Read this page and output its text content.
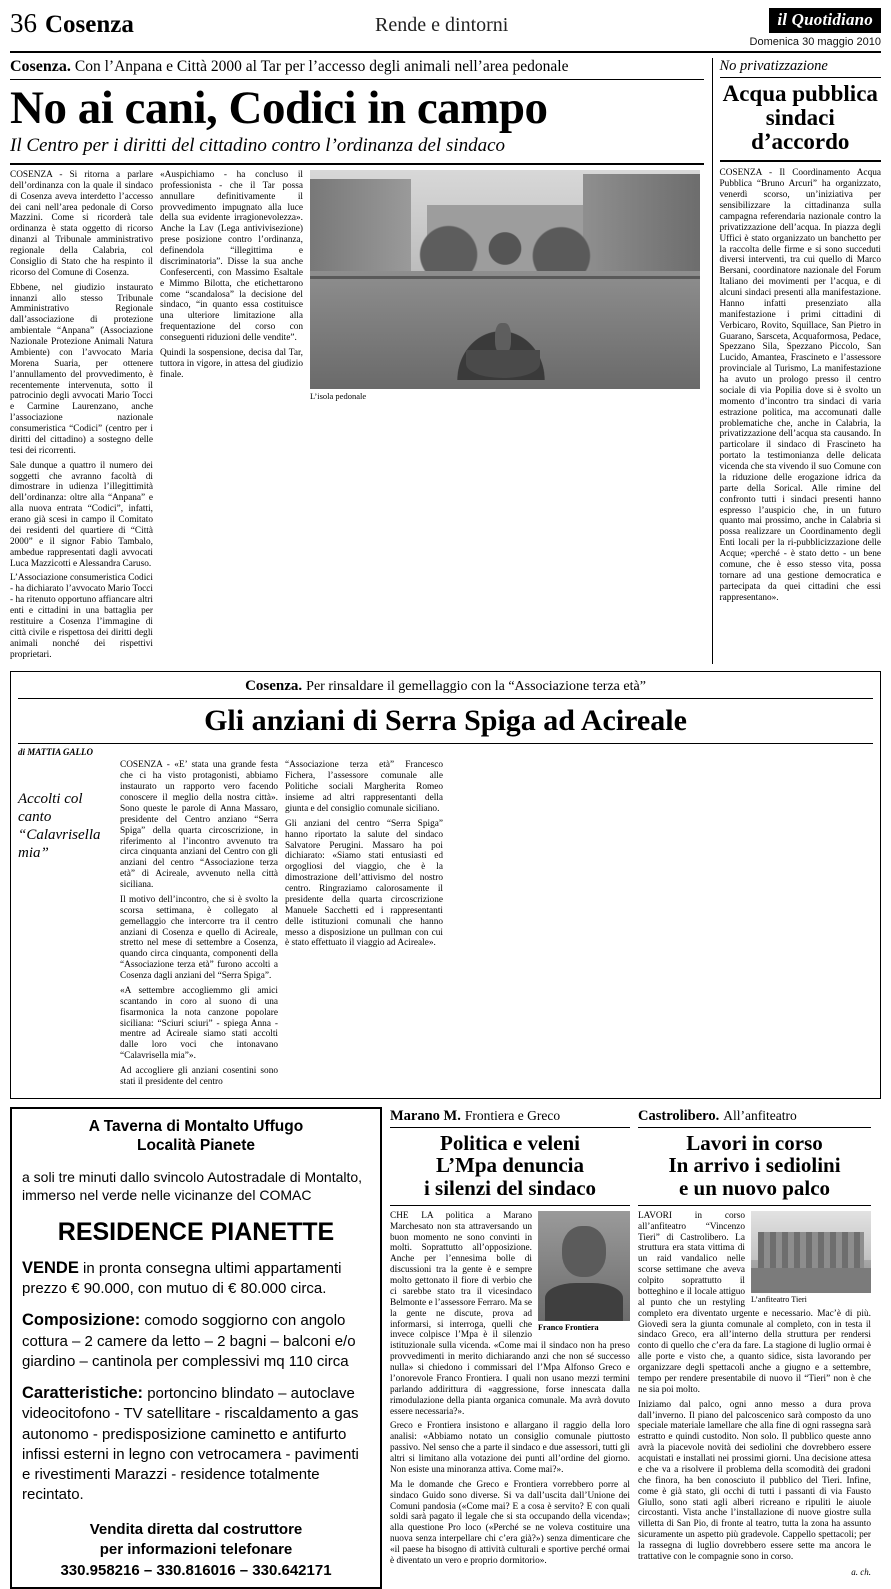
36 Cosenza	Rende e dintorni	il Quotidiano
Domenica 30 maggio 2010
Cosenza. Con l’Anpana e Città 2000 al Tar per l’accesso degli animali nell’area pedonale
No ai cani, Codici in campo
Il Centro per i diritti del cittadino contro l’ordinanza del sindaco

COSENZA - Si ritorna a parlare dell’ordinanza con la quale il sindaco di Cosenza aveva interdetto l’accesso dei cani nell’area pedonale di Corso Mazzini. Come si ricorderà tale ordinanza è stata oggetto di ricorso dinanzi al Tribunale amministrativo regionale della Calabria, col Consiglio di Stato che ha respinto il ricorso del Comune di Cosenza.

Ebbene, nel giudizio instaurato innanzi allo stesso Tribunale Amministrativo Regionale dall’associazione di protezione ambientale “Anpana” (Associazione Nazionale Protezione Animali Natura Ambiente) con l’avvocato Maria Morena Suaria, per ottenere l’annullamento del provvedimento, è recentemente intervenuta, sotto il patrocinio degli avvocati Mario Tocci e Carmine Laurenzano, anche l’associazione nazionale consumeristica “Codici” (centro per i diritti del cittadino) a sostegno delle tesi dei ricorrenti.

Sale dunque a quattro il numero dei soggetti che avranno facoltà di dimostrare in udienza l’illegittimità dell’ordinanza: oltre alla “Anpana” e alla nuova entrata “Codici”, infatti, erano già scesi in campo il Comitato dei residenti del quartiere di “Città 2000” e il signor Fabio Tambalo, ambedue rappresentati dagli avvocati Luca Mazzicotti e Alessandra Caruso.

L’Associazione consumeristica Codici - ha dichiarato l’avvocato Mario Tocci - ha ritenuto opportuno affiancare altri enti e cittadini in una battaglia per restituire a Cosenza l’immagine di città civile e rispettosa dei diritti degli animali nonché dei rispettivi proprietari.

«Auspichiamo - ha concluso il professionista - che il Tar possa annullare definitivamente il provvedimento impugnato alla luce della sua evidente irragionevolezza». Anche la Lav (Lega antivivisezione) prese posizione contro l’ordinanza, definendola “illegittima e discriminatoria”. Disse la sua anche Confesercenti, con Massimo Esaltale e Mimmo Bilotta, che etichettarono come “scandalosa” la decisione del sindaco, “in quanto essa costituisce una ulteriore limitazione alla frequentazione del corso con conseguenti riduzioni delle vendite”.

Quindi la sospensione, decisa dal Tar, tuttora in vigore, in attesa del giudizio finale.

L’isola pedonale
No privatizzazione
Acqua pubblica sindaci d’accordo

COSENZA - Il Coordinamento Acqua Pubblica “Bruno Arcuri” ha organizzato, venerdì scorso, un’iniziativa per sensibilizzare la cittadinanza sulla campagna referendaria nazionale contro la privatizzazione dell’acqua. In piazza degli Uffici è stato organizzato un banchetto per la raccolta delle firme e si sono succeduti diversi interventi, tra cui quello di Marco Bersani, coordinatore nazionale del Forum Italiano dei movimenti per l’acqua, e di alcuni sindaci presenti alla manifestazione. Hanno infatti presenziato alla manifestazione i primi cittadini di Verbicaro, Rovito, Squillace, San Pietro in Guarano, Sarsceta, Acquaformosa, Pedace, Spezzano Sila, Spezzano Piccolo, San Lucido, Amantea, Frascineto e l’assessore provinciale al Turismo, La manifestazione ha avuto un prologo presso il centro sociale di via Popilia dove si è svolto un momento d’incontro tra sindaci di varia estrazione politica, ma accomunati dalle problematiche che, anche in Calabria, la privatizzazione dell’acqua sta causando. In particolare il sindaco di Frascineto ha portato la testimonianza delle delicata vicenda che sta vivendo il suo Comune con la riduzione delle erogazione idrica da parte della Sorical. Alle rimine del confronto tutti i sindaci presenti hanno espresso l’auspicio che, in un futuro quanto mai prossimo, anche in Calabria si possa realizzare un Coordinamento degli Enti locali per la ri-pubblicizzazione delle Acque; «perché - è stato detto - un bene comune, che è esso stesso vita, possa tornare ad una gestione democratica e partecipata da quei cittadini che essi rappresentano».

Cosenza. Per rinsaldare il gemellaggio con la “Associazione terza età”
Gli anziani di Serra Spiga ad Acireale
di MATTIA GALLO
Accolti col canto “Calavrisella mia”

COSENZA - «E’ stata una grande festa che ci ha visto protagonisti, abbiamo instaurato un rapporto vero facendo conoscere il meglio della nostra città». Sono queste le parole di Anna Massaro, presidente del Centro anziano “Serra Spiga” della quarta circoscrizione, in riferimento al l’incontro avvenuto tra circa cinquanta anziani del Centro con gli anziani del centro “Associazione terza età” di Acireale, avvenuto nella città siciliana.

Il motivo dell’incontro, che si è svolto la scorsa settimana, è collegato al gemellaggio che intercorre tra il centro anziani di Cosenza e quello di Acireale, stretto nel mese di settembre a Cosenza, quando circa cinquanta, componenti della “Associazione terza età” furono accolti a Cosenza dagli anziani del “Serra Spiga”.

«A settembre accogliemmo gli amici scantando in coro al suono di una fisarmonica la nota canzone popolare siciliana: “Sciuri sciuri” - spiega Anna - mentre ad Acireale siamo stati accolti dalle loro voci che intonavano “Calavrisella mia”».

Ad accogliere gli anziani cosentini sono stati il presidente del centro

“Associazione terza età” Francesco Fichera, l’assessore comunale alle Politiche sociali Margherita Romeo insieme ad altri rappresentanti della giunta e del consiglio comunale siciliano.

Gli anziani del centro “Serra Spiga” hanno riportato la salute del sindaco Salvatore Perugini. Massaro ha poi dichiarato: «Siamo stati entusiasti ed orgogliosi del viaggio, che è la dimostrazione dell’attivismo del nostro centro. Ringraziamo calorosamente il presidente della quarta circoscrizione Manuele Sacchetti ed i rappresentanti delle istituzioni comunali che hanno messo a disposizione un pullman con cui è stato effettuato il viaggio ad Acireale».

A Taverna di Montalto Uffugo
Località Pianete
a soli tre minuti dallo svincolo Autostradale di Montalto, immerso nel verde nelle vicinanze del COMAC
RESIDENCE PIANETTE
VENDE in pronta consegna ultimi appartamenti prezzo € 90.000, con mutuo di € 80.000 circa.
Composizione: comodo soggiorno con angolo cottura – 2 camere da letto – 2 bagni – balconi e/o giardino – cantinola per complessivi mq 110 circa
Caratteristiche: portoncino blindato – autoclave videocitofono - TV satellitare - riscaldamento a gas autonomo - predisposizione caminetto e antifurto infissi esterni in legno con vetrocamera - pavimenti e rivestimenti Marazzi - residence totalmente recintato.
Vendita diretta dal costruttore
per informazioni telefonare
330.958216 – 330.816016 – 330.642171
Marano M. Frontiera e Greco
Politica e veleni
L’Mpa denuncia
i silenzi del sindaco
Franco Frontiera

CHE LA politica a Marano Marchesato non sta attraversando un buon momento ne sono convinti in molti. Soprattutto all’opposizione. Anche per l’ennesima bolle di discussioni tra la gente è e sempre molto gettonato il fiore di verbio che ci sarebbe stato tra il vicesindaco Belmonte e l’assessore Ferraro. Ma se la gente ne discute, prova ad informarsi, si interroga, quelli che invece colpisce l’Mpa è il silenzio istituzionale sulla vicenda. «Come mai il sindaco non ha preso provvedimenti in merito dichiarando anzi che non sé successo nulla» si chiedono i commissari del l’Mpa Alfonso Greco e l’onorevole Franco Frontiera. I quali non usano mezzi termini parlando addirittura di «aggressione, forse innescata dalla rimodulazione della pianta organica comunale. Ma avrà dovuto essere necessaria?».

Greco e Frontiera insistono e allargano il raggio della loro analisi: «Abbiamo notato un consiglio comunale piuttosto passivo. Nel senso che a parte il sindaco e due assessori, tutti gli altri si limitano alla votazione dei punti all’ordine del giorno. Non esiste una minoranza attiva. Come mai?».

Ma le domande che Greco e Frontiera vorrebbero porre al sindaco Guido sono diverse. Si va dall’uscita dall’Unione dei Comuni pandosia («Come mai? E a cosa è servito? E con quali soldi sarà pagato il legale che si sta occupando della vicenda»; alla questione Pro loco («Perché se ne voleva costituire una nuova senza interpellare chi c’era già?») senza dimenticare che «il paese ha bisogno di attività culturali e sportive perché ormai è diventato un vero e proprio dormitorio».

Castrolibero. All’anfiteatro
Lavori in corso
In arrivo i sediolini
e un nuovo palco
L’anfiteatro Tieri

LAVORI in corso all’anfiteatro “Vincenzo Tieri” di Castrolibero. La struttura era stata vittima di un raid vandalico nelle scorse settimane che aveva colpito soprattutto il botteghino e il locale attiguo al punto che un restyling completo era diventato urgente e necessario. Mac’è di più. Giovedì sera la giunta comunale al completo, con in testa il sindaco Greco, era all’interno della struttura per rendersi conto di quello che c’era da fare. La stagione di luglio ormai è alle porte e visto che, a quanto sidice, sista lavorando per organizzare degli spettacoli anche a giugno e a settembre, tempo per rendere presentabile di nuovo il “Tieri” non è che ne sia poi molto.

Iniziamo dal palco, ogni anno messo a dura prova dall’inverno. Il piano del palcoscenico sarà composto da uno speciale materiale lamellare che alla fine di ogni rassegna sarà estratto e quindi custodito. Non solo. Il pubblico queste anno avrà la piacevole novità dei sediolini che dovrebbero essere acquistati e installati nei prossimi giorni. Una decisione attesa e che va a risolvere il problema della scomodità dei gradoni che finora, ha ben conosciuto il pubblico del Tieri. Infine, come è già stato, gli occhi di tutti i passanti di via Fausto Giullo, sono stati agli alberi ricreano e ripuliti le aiuole circostanti. Vista anche l’installazione di nuove giostre sulla villetta di San Pio, di fronte al teatro, tutta la zona ha assunto sicuramente un aspetto più gradevole. Cappello spettacoli; per la rassegna di luglio dovrebbero essere sette ma ancora le trattative con le compagnie sono in corso.

a. ch.
